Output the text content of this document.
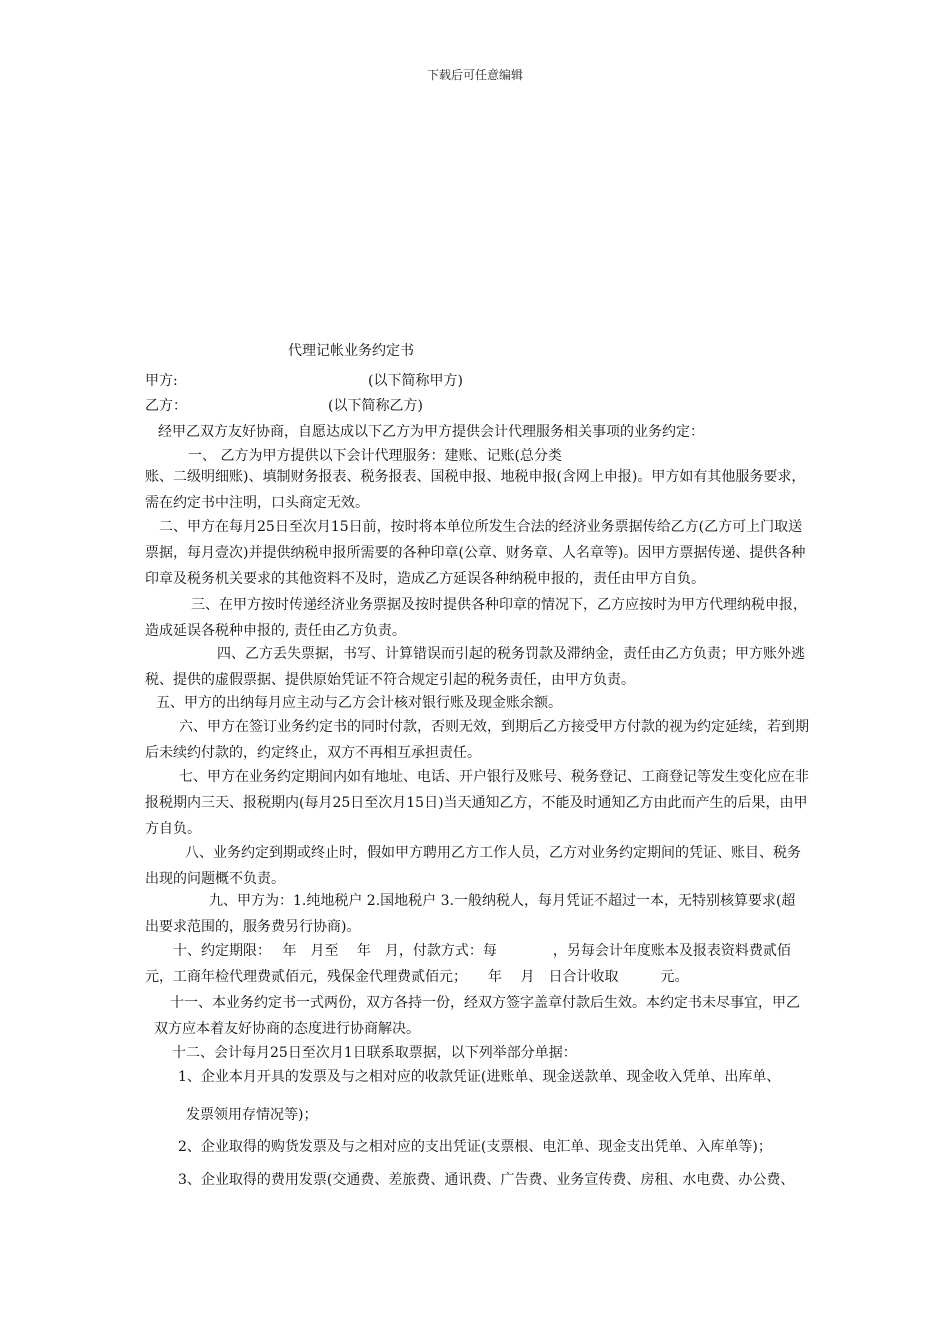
下载后可任意编辑
代理记帐业务约定书
甲方:	(以下简称甲方)
乙方：	(以下简称乙方)
经甲乙双方友好协商，自愿达成以下乙方为甲方提供会计代理服务相关事项的业务约定：
一、 乙方为甲方提供以下会计代理服务：建账、记账(总分类
账、二级明细账)、填制财务报表、税务报表、国税申报、地税申报(含网上申报)。甲方如有其他服务要求，需在约定书中注明，口头商定无效。
二、甲方在每月25日至次月15日前，按时将本单位所发生合法的经济业务票据传给乙方(乙方可上门取送票据，每月壹次)并提供纳税申报所需要的各种印章(公章、财务章、人名章等)。因甲方票据传递、提供各种印章及税务机关要求的其他资料不及时，造成乙方延误各种纳税申报的，责任由甲方自负。
三、在甲方按时传递经济业务票据及按时提供各种印章的情况下，乙方应按时为甲方代理纳税申报，造成延误各税种申报的, 责任由乙方负责。
四、乙方丢失票据，书写、计算错误而引起的税务罚款及滞纳金，责任由乙方负责；甲方账外逃税、提供的虚假票据、提供原始凭证不符合规定引起的税务责任，由甲方负责。
五、甲方的出纳每月应主动与乙方会计核对银行账及现金账余额。
六、甲方在签订业务约定书的同时付款，否则无效，到期后乙方接受甲方付款的视为约定延续，若到期后未续约付款的，约定终止，双方不再相互承担责任。
七、甲方在业务约定期间内如有地址、电话、开户银行及账号、税务登记、工商登记等发生变化应在非报税期内三天、报税期内(每月25日至次月15日)当天通知乙方，不能及时通知乙方由此而产生的后果，由甲方自负。
八、业务约定到期或终止时，假如甲方聘用乙方工作人员，乙方对业务约定期间的凭证、账目、税务出现的问题概不负责。
九、甲方为：1.纯地税户 2.国地税户 3.一般纳税人，每月凭证不超过一本，无特别核算要求(超出要求范围的，服务费另行协商)。
十、约定期限：　 年　月至　 年　月，付款方式：每　　　　，另每会计年度账本及报表资料费贰佰元，工商年检代理费贰佰元，残保金代理费贰佰元；　　年　 月　日合计收取　　　元。
十一、本业务约定书一式两份，双方各持一份，经双方签字盖章付款后生效。本约定书未尽事宜，甲乙双方应本着友好协商的态度进行协商解决。
十二、会计每月25日至次月1日联系取票据，以下列举部分单据：
1、企业本月开具的发票及与之相对应的收款凭证(进账单、现金送款单、现金收入凭单、出库单、
发票领用存情况等)；
2、企业取得的购货发票及与之相对应的支出凭证(支票根、电汇单、现金支出凭单、入库单等)；
3、企业取得的费用发票(交通费、差旅费、通讯费、广告费、业务宣传费、房租、水电费、办公费、
